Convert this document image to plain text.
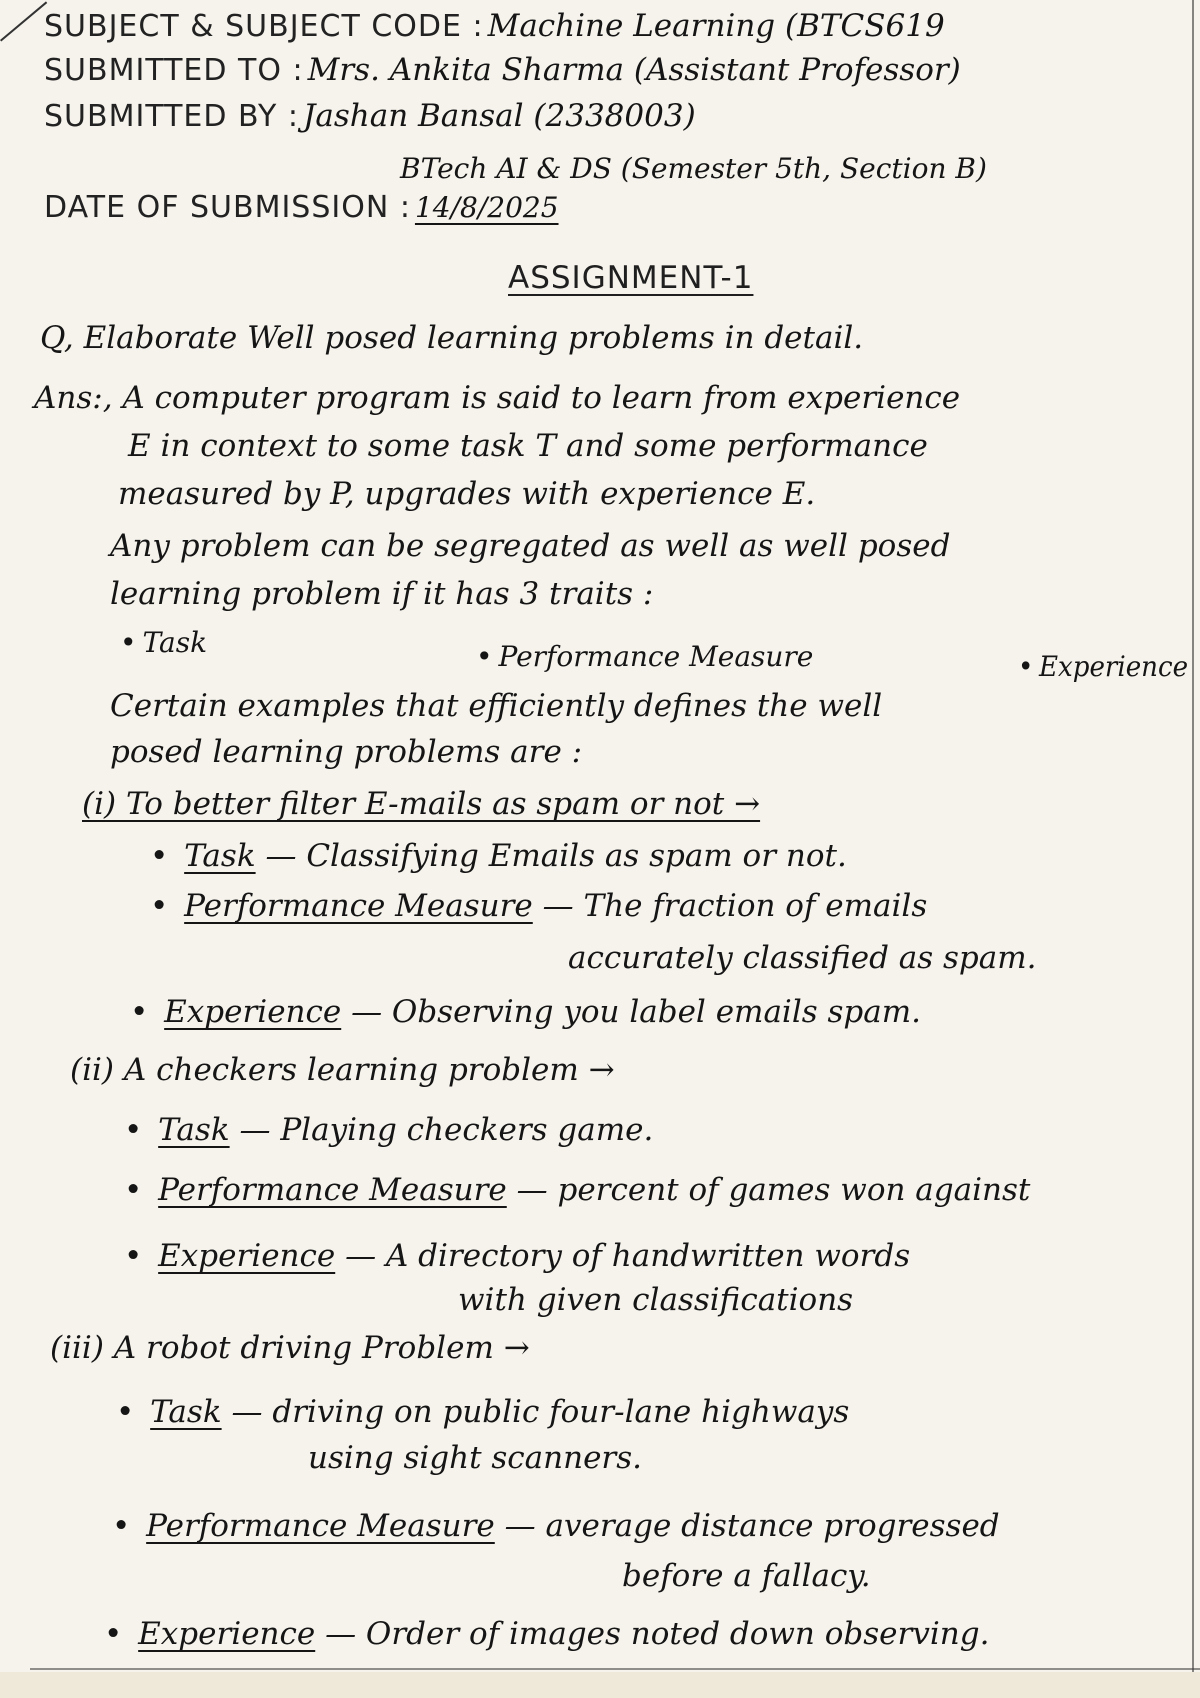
SUBJECT & SUBJECT CODE : Machine Learning (BTCS619
SUBMITTED TO : Mrs. Ankita Sharma (Assistant Professor)
SUBMITTED BY : Jashan Bansal (2338003)
BTech AI & DS (Semester 5th, Section B)
DATE OF SUBMISSION : 14/8/2025
ASSIGNMENT-1
Q, Elaborate Well posed learning problems in detail.
Ans:, A computer program is said to learn from experience
E in context to some task T and some performance
measured by P, upgrades with experience E.
Any problem can be segregated as well as well posed
learning problem if it has 3 traits :
• Task	• Performance Measure	• Experience
Certain examples that efficiently defines the well
posed learning problems are :
(i) To better filter E-mails as spam or not →
• Task — Classifying Emails as spam or not.
• Performance Measure — The fraction of emails
accurately classified as spam.
• Experience — Observing you label emails spam.
(ii) A checkers learning problem →
• Task — Playing checkers game.
• Performance Measure — percent of games won against
• Experience — A directory of handwritten words
with given classifications
(iii) A robot driving Problem →
• Task — driving on public four-lane highways
using sight scanners.
• Performance Measure — average distance progressed
before a fallacy.
• Experience — Order of images noted down observing.
